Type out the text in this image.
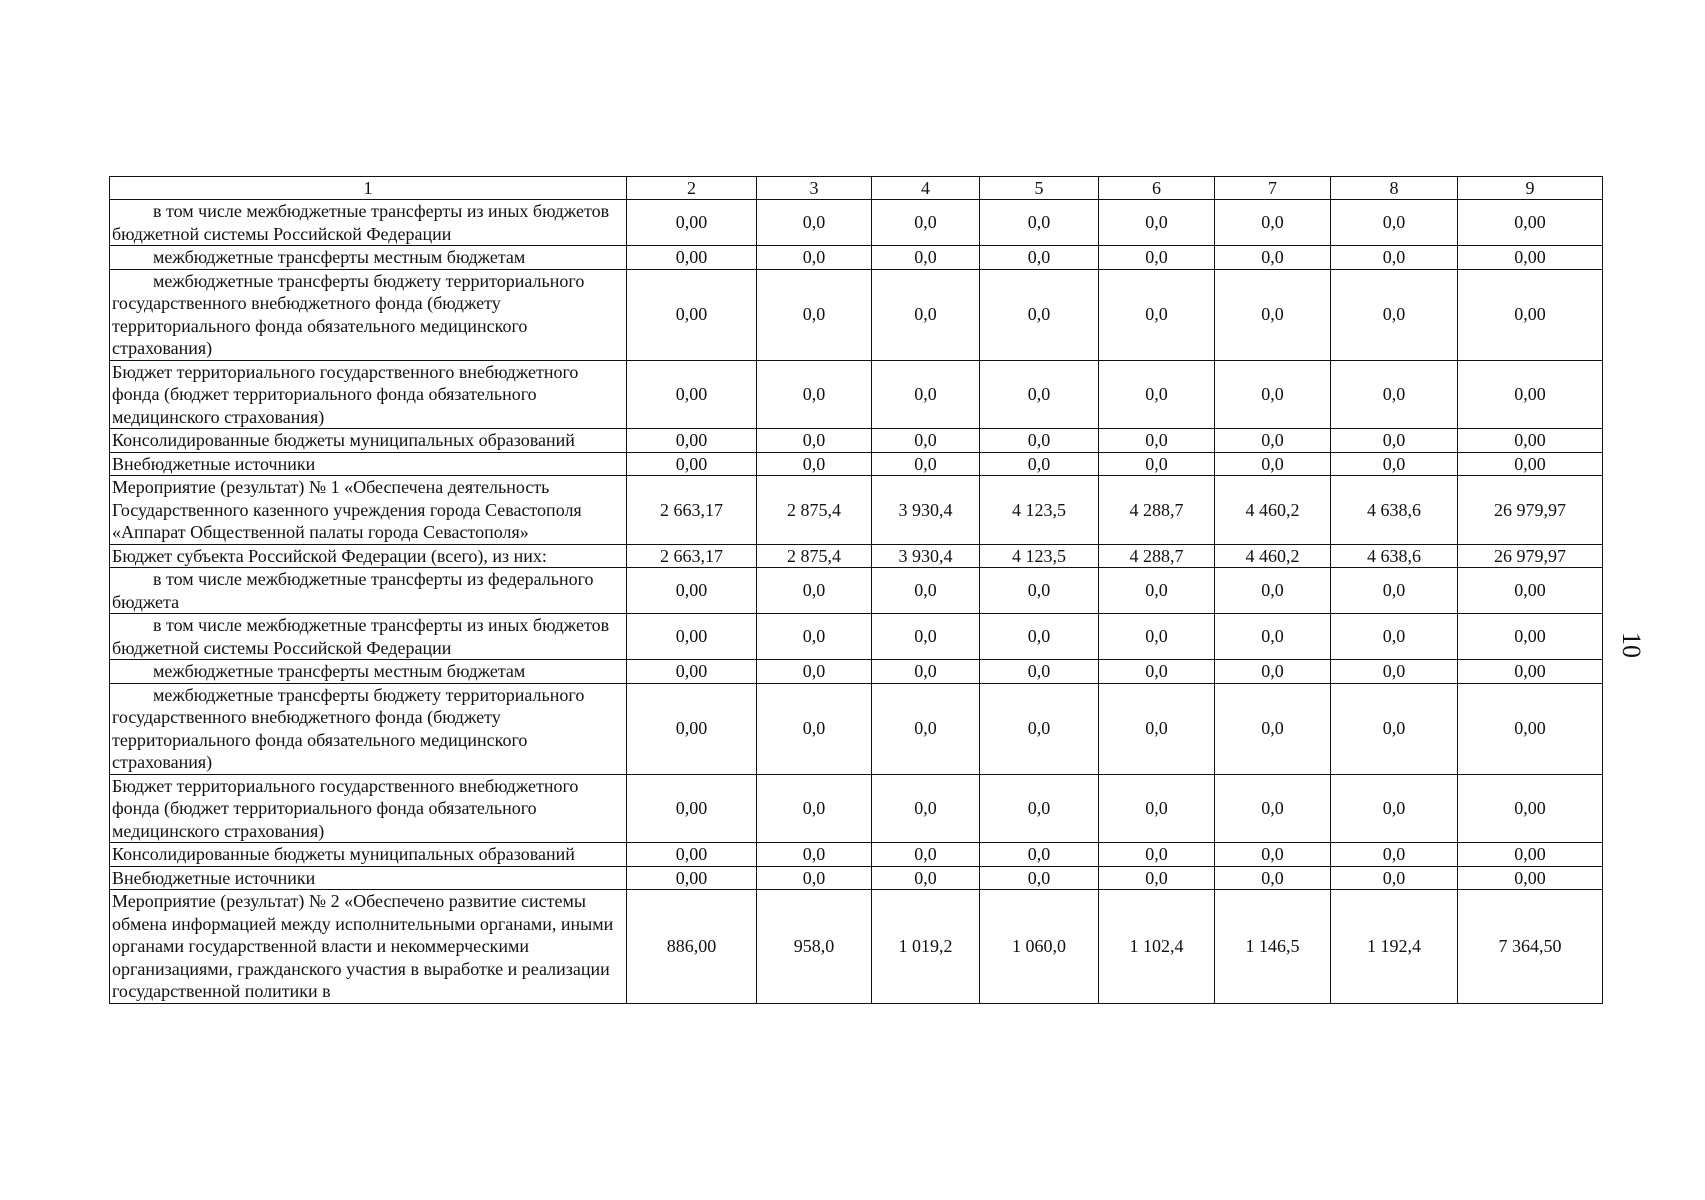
1	2	3	4	5	6	7	8	9
в том числе межбюджетные трансферты из иных бюджетов бюджетной системы Российской Федерации	0,00	0,0	0,0	0,0	0,0	0,0	0,0	0,00
межбюджетные трансферты местным бюджетам	0,00	0,0	0,0	0,0	0,0	0,0	0,0	0,00
межбюджетные трансферты бюджету территориального государственного внебюджетного фонда (бюджету территориального фонда обязательного медицинского страхования)	0,00	0,0	0,0	0,0	0,0	0,0	0,0	0,00
Бюджет территориального государственного внебюджетного фонда (бюджет территориального фонда обязательного медицинского страхования)	0,00	0,0	0,0	0,0	0,0	0,0	0,0	0,00
Консолидированные бюджеты муниципальных образований	0,00	0,0	0,0	0,0	0,0	0,0	0,0	0,00
Внебюджетные источники	0,00	0,0	0,0	0,0	0,0	0,0	0,0	0,00
Мероприятие (результат) № 1 «Обеспечена деятельность Государственного казенного учреждения города Севастополя «Аппарат Общественной палаты города Севастополя»	2 663,17	2 875,4	3 930,4	4 123,5	4 288,7	4 460,2	4 638,6	26 979,97
Бюджет субъекта Российской Федерации (всего), из них:	2 663,17	2 875,4	3 930,4	4 123,5	4 288,7	4 460,2	4 638,6	26 979,97
в том числе межбюджетные трансферты из федерального бюджета	0,00	0,0	0,0	0,0	0,0	0,0	0,0	0,00
в том числе межбюджетные трансферты из иных бюджетов бюджетной системы Российской Федерации	0,00	0,0	0,0	0,0	0,0	0,0	0,0	0,00
межбюджетные трансферты местным бюджетам	0,00	0,0	0,0	0,0	0,0	0,0	0,0	0,00
межбюджетные трансферты бюджету территориального государственного внебюджетного фонда (бюджету территориального фонда обязательного медицинского страхования)	0,00	0,0	0,0	0,0	0,0	0,0	0,0	0,00
Бюджет территориального государственного внебюджетного фонда (бюджет территориального фонда обязательного медицинского страхования)	0,00	0,0	0,0	0,0	0,0	0,0	0,0	0,00
Консолидированные бюджеты муниципальных образований	0,00	0,0	0,0	0,0	0,0	0,0	0,0	0,00
Внебюджетные источники	0,00	0,0	0,0	0,0	0,0	0,0	0,0	0,00
Мероприятие (результат) № 2 «Обеспечено развитие системы обмена информацией между исполнительными органами, иными органами государственной власти и некоммерческими организациями, гражданского участия в выработке и реализации государственной политики в	886,00	958,0	1 019,2	1 060,0	1 102,4	1 146,5	1 192,4	7 364,50
10
